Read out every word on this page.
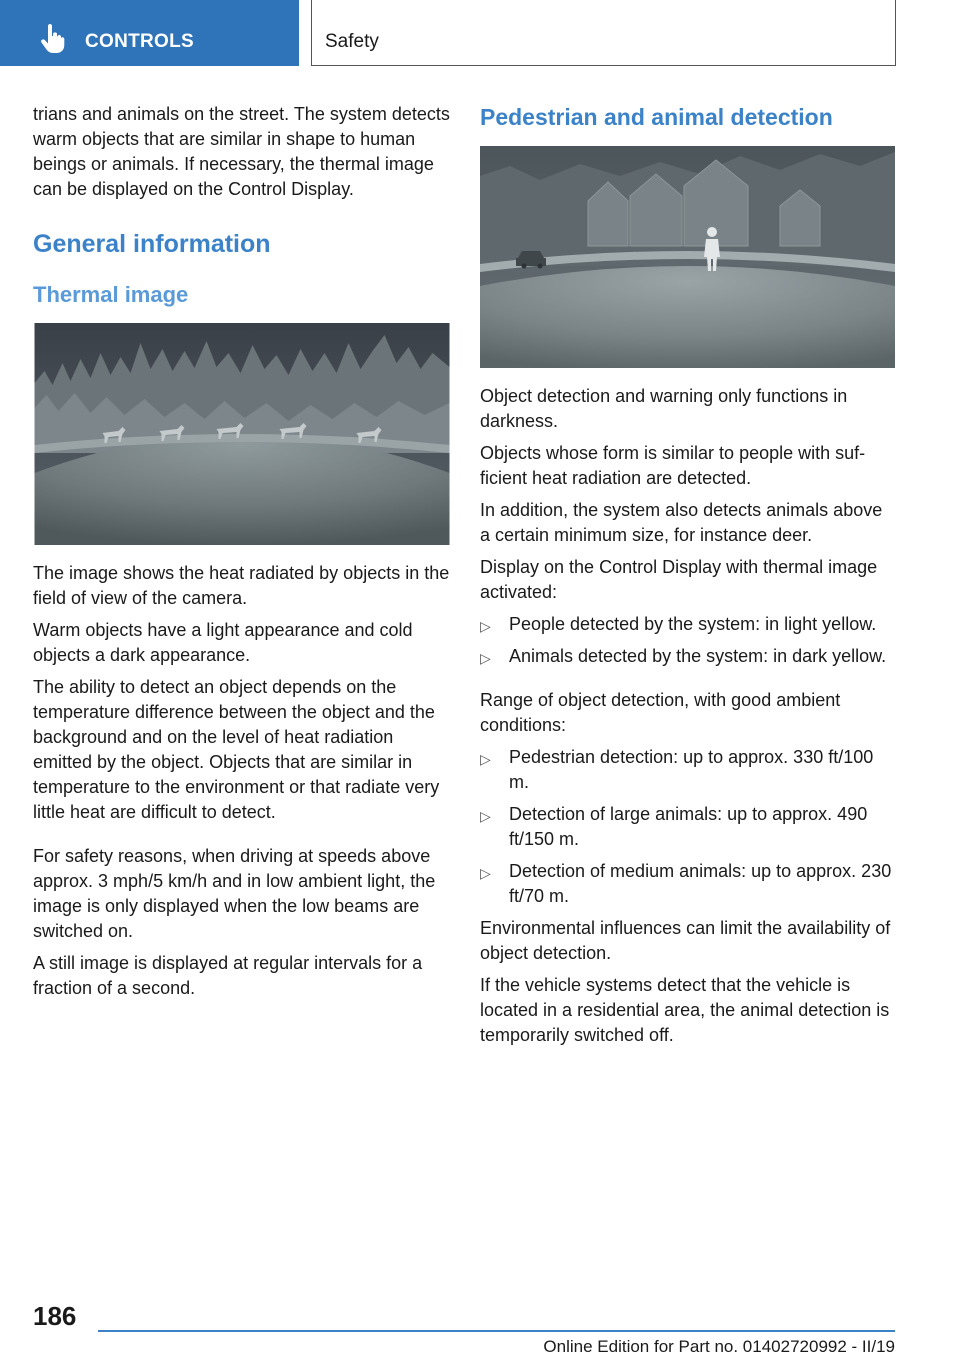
CONTROLS	Safety

trians and animals on the street. The system detects warm objects that are similar in shape to human beings or animals. If necessary, the thermal image can be displayed on the Control Display.

General information
Thermal image

The image shows the heat radiated by objects in the field of view of the camera.

Warm objects have a light appearance and cold objects a dark appearance.

The ability to detect an object depends on the temperature difference between the object and the background and on the level of heat radiation emitted by the object. Objects that are similar in temperature to the environment or that radiate very little heat are difficult to detect.

For safety reasons, when driving at speeds above approx. 3 mph/5 km/h and in low ambient light, the image is only displayed when the low beams are switched on.

A still image is displayed at regular intervals for a fraction of a second.

Pedestrian and animal detection

Object detection and warning only functions in darkness.

Objects whose form is similar to people with sufficient heat radiation are detected.

In addition, the system also detects animals above a certain minimum size, for instance deer.

Display on the Control Display with thermal image activated:

▷ People detected by the system: in light yellow.
▷ Animals detected by the system: in dark yellow.

Range of object detection, with good ambient conditions:

▷ Pedestrian detection: up to approx. 330 ft/100 m.
▷ Detection of large animals: up to approx. 490 ft/150 m.
▷ Detection of medium animals: up to approx. 230 ft/70 m.

Environmental influences can limit the availability of object detection.

If the vehicle systems detect that the vehicle is located in a residential area, the animal detection is temporarily switched off.

186
Online Edition for Part no. 01402720992 - II/19
